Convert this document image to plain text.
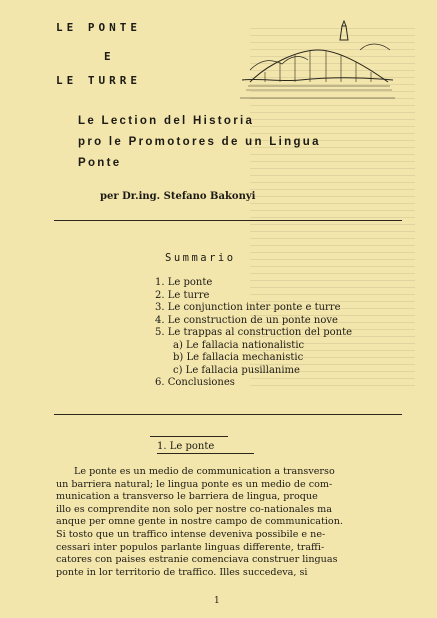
LE PONTE
E
LE TURRE
Le Lection del Historia
pro le Promotores de un Lingua
Ponte
per Dr.ing. Stefano Bakonyi
Summario
1. Le ponte
2. Le turre
3. Le conjunction inter ponte e turre
4. Le construction de un ponte nove
5. Le trappas al construction del ponte
a) Le fallacia nationalistic
b) Le fallacia mechanistic
c) Le fallacia pusillanime
6. Conclusiones
1. Le ponte
Le ponte es un medio de communication a transverso
un barriera natural; le lingua ponte es un medio de com-
munication a transverso le barriera de lingua, proque
illo es comprendite non solo per nostre co-nationales ma
anque per omne gente in nostre campo de communication.
Si tosto que un traffico intense deveniva possibile e ne-
cessari inter populos parlante linguas differente, traffi-
catores con paises estranie comenciava construer linguas
ponte in lor territorio de traffico. Illes succedeva, si
1
